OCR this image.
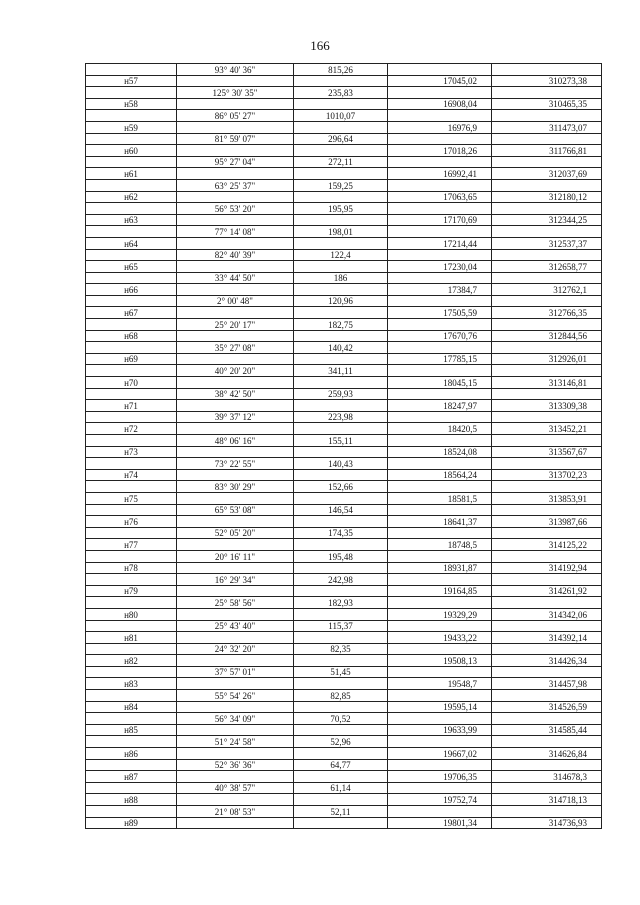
166
	93° 40' 36"	815,26		
н57			17045,02	310273,38
	125° 30' 35"	235,83		
н58			16908,04	310465,35
	86° 05' 27"	1010,07		
н59			16976,9	311473,07
	81° 59' 07"	296,64		
н60			17018,26	311766,81
	95° 27' 04"	272,11		
н61			16992,41	312037,69
	63° 25' 37"	159,25		
н62			17063,65	312180,12
	56° 53' 20"	195,95		
н63			17170,69	312344,25
	77° 14' 08"	198,01		
н64			17214,44	312537,37
	82° 40' 39"	122,4		
н65			17230,04	312658,77
	33° 44' 50"	186		
н66			17384,7	312762,1
	2° 00' 48"	120,96		
н67			17505,59	312766,35
	25° 20' 17"	182,75		
н68			17670,76	312844,56
	35° 27' 08"	140,42		
н69			17785,15	312926,01
	40° 20' 20"	341,11		
н70			18045,15	313146,81
	38° 42' 50"	259,93		
н71			18247,97	313309,38
	39° 37' 12"	223,98		
н72			18420,5	313452,21
	48° 06' 16"	155,11		
н73			18524,08	313567,67
	73° 22' 55"	140,43		
н74			18564,24	313702,23
	83° 30' 29"	152,66		
н75			18581,5	313853,91
	65° 53' 08"	146,54		
н76			18641,37	313987,66
	52° 05' 20"	174,35		
н77			18748,5	314125,22
	20° 16' 11"	195,48		
н78			18931,87	314192,94
	16° 29' 34"	242,98		
н79			19164,85	314261,92
	25° 58' 56"	182,93		
н80			19329,29	314342,06
	25° 43' 40"	115,37		
н81			19433,22	314392,14
	24° 32' 20"	82,35		
н82			19508,13	314426,34
	37° 57' 01"	51,45		
н83			19548,7	314457,98
	55° 54' 26"	82,85		
н84			19595,14	314526,59
	56° 34' 09"	70,52		
н85			19633,99	314585,44
	51° 24' 58"	52,96		
н86			19667,02	314626,84
	52° 36' 36"	64,77		
н87			19706,35	314678,3
	40° 38' 57"	61,14		
н88			19752,74	314718,13
	21° 08' 53"	52,11		
н89			19801,34	314736,93
